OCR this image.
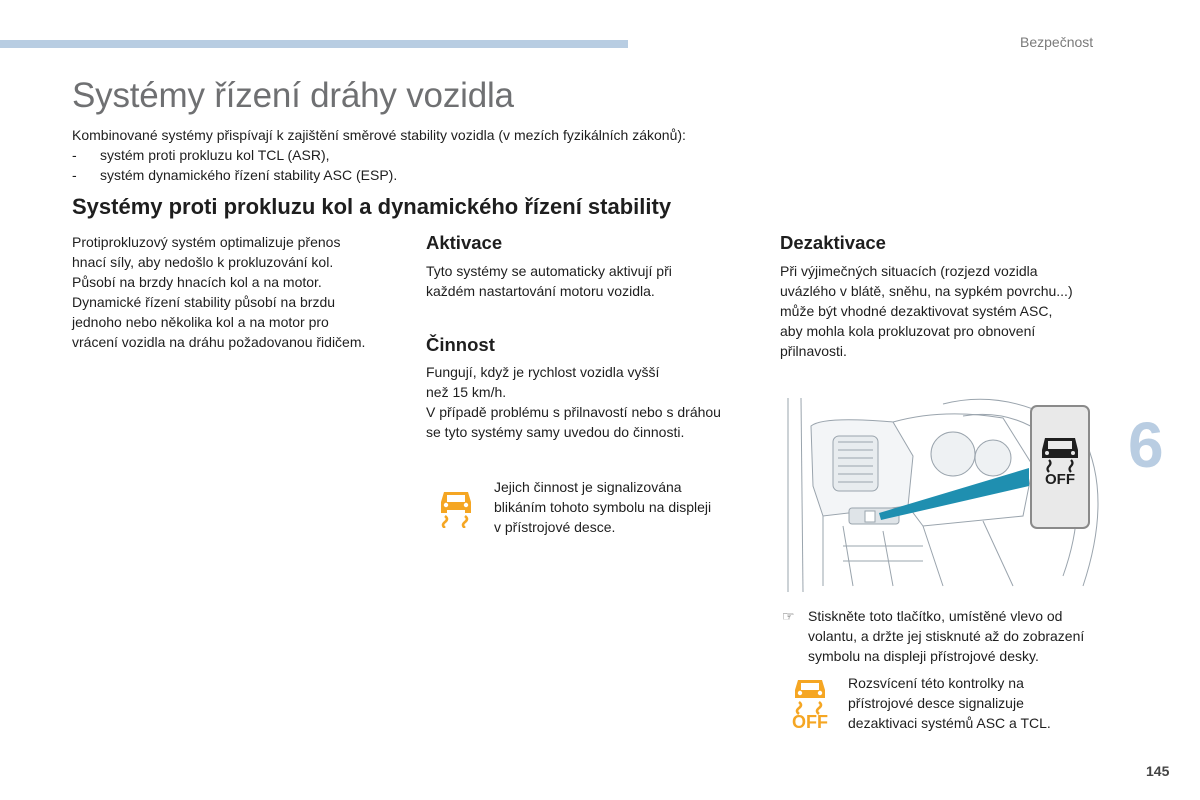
Bezpečnost
Systémy řízení dráhy vozidla
Kombinované systémy přispívají k zajištění směrové stability vozidla (v mezích fyzikálních zákonů):
-	systém proti prokluzu kol TCL (ASR),
-	systém dynamického řízení stability ASC (ESP).
Systémy proti prokluzu kol a dynamického řízení stability
Protiprokluzový systém optimalizuje přenos
hnací síly, aby nedošlo k prokluzování kol.
Působí na brzdy hnacích kol a na motor.
Dynamické řízení stability působí na brzdu
jednoho nebo několika kol a na motor pro
vrácení vozidla na dráhu požadovanou řidičem.
Aktivace
Tyto systémy se automaticky aktivují při
každém nastartování motoru vozidla.
Činnost
Fungují, když je rychlost vozidla vyšší
než 15 km/h.
V případě problému s přilnavostí nebo s dráhou
se tyto systémy samy uvedou do činnosti.
Jejich činnost je signalizována
blikáním tohoto symbolu na displeji
v přístrojové desce.
Dezaktivace
Při výjimečných situacích (rozjezd vozidla
uvázlého v blátě, sněhu, na sypkém povrchu...)
může být vhodné dezaktivovat systém ASC,
aby mohla kola prokluzovat pro obnovení
přilnavosti.
OFF
☞ Stiskněte toto tlačítko, umístěné vlevo od
volantu, a držte jej stisknuté až do zobrazení
symbolu na displeji přístrojové desky.
OFF
Rozsvícení této kontrolky na
přístrojové desce signalizuje
dezaktivaci systémů ASC a TCL.
6
145
